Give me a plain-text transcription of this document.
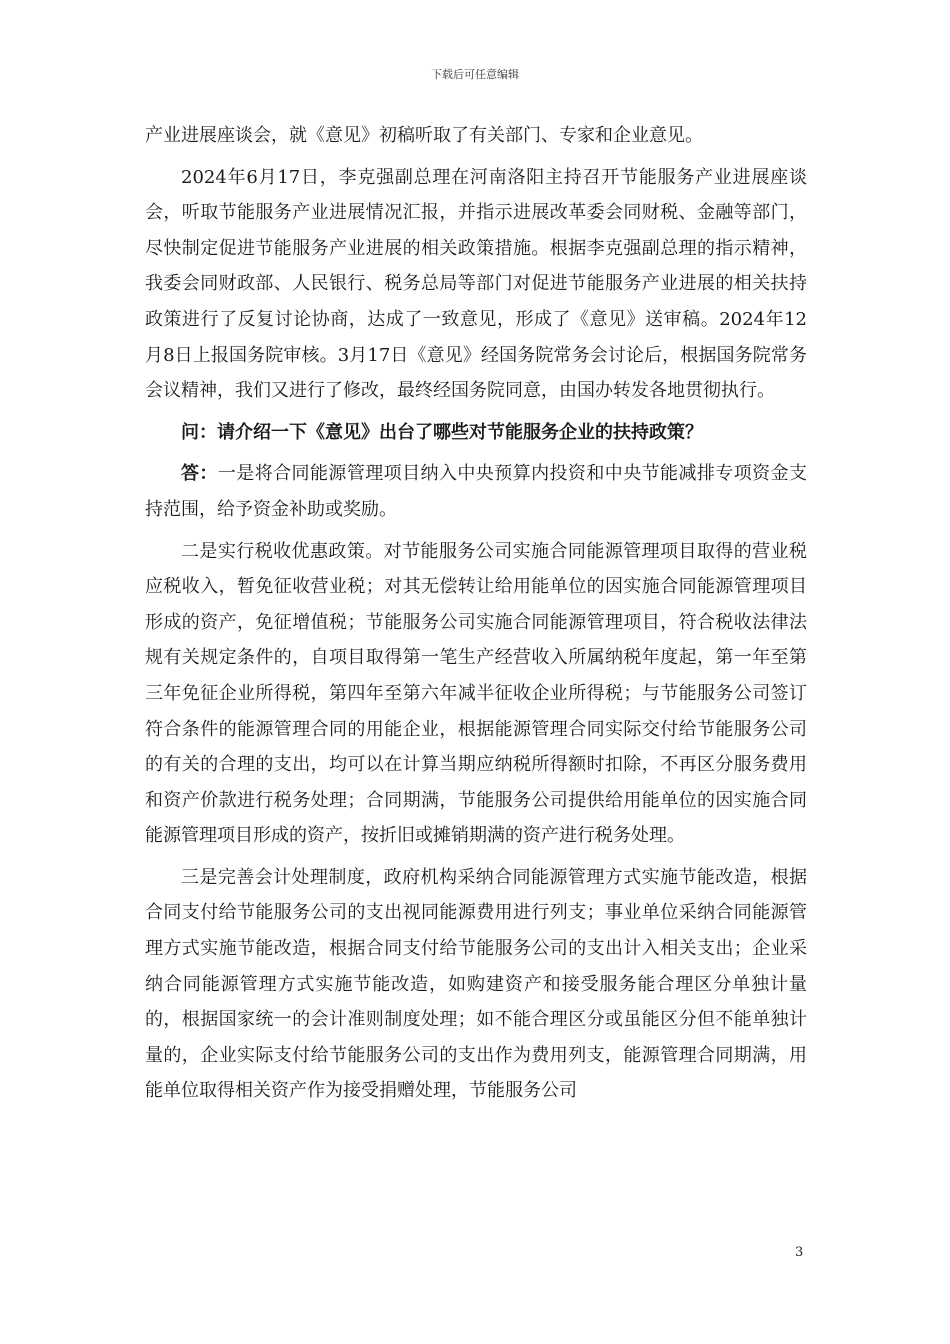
下载后可任意编辑

产业进展座谈会，就《意见》初稿听取了有关部门、专家和企业意见。

2024年6月17日，李克强副总理在河南洛阳主持召开节能服务产业进展座谈会，听取节能服务产业进展情况汇报，并指示进展改革委会同财税、金融等部门，尽快制定促进节能服务产业进展的相关政策措施。根据李克强副总理的指示精神，我委会同财政部、人民银行、税务总局等部门对促进节能服务产业进展的相关扶持政策进行了反复讨论协商，达成了一致意见，形成了《意见》送审稿。2024年12月8日上报国务院审核。3月17日《意见》经国务院常务会讨论后，根据国务院常务会议精神，我们又进行了修改，最终经国务院同意，由国办转发各地贯彻执行。

问：请介绍一下《意见》出台了哪些对节能服务企业的扶持政策？

答：一是将合同能源管理项目纳入中央预算内投资和中央节能减排专项资金支持范围，给予资金补助或奖励。

二是实行税收优惠政策。对节能服务公司实施合同能源管理项目取得的营业税应税收入，暂免征收营业税；对其无偿转让给用能单位的因实施合同能源管理项目形成的资产，免征增值税；节能服务公司实施合同能源管理项目，符合税收法律法规有关规定条件的，自项目取得第一笔生产经营收入所属纳税年度起，第一年至第三年免征企业所得税，第四年至第六年减半征收企业所得税；与节能服务公司签订符合条件的能源管理合同的用能企业，根据能源管理合同实际交付给节能服务公司的有关的合理的支出，均可以在计算当期应纳税所得额时扣除，不再区分服务费用和资产价款进行税务处理；合同期满，节能服务公司提供给用能单位的因实施合同能源管理项目形成的资产，按折旧或摊销期满的资产进行税务处理。

三是完善会计处理制度，政府机构采纳合同能源管理方式实施节能改造，根据合同支付给节能服务公司的支出视同能源费用进行列支；事业单位采纳合同能源管理方式实施节能改造，根据合同支付给节能服务公司的支出计入相关支出；企业采纳合同能源管理方式实施节能改造，如购建资产和接受服务能合理区分单独计量的，根据国家统一的会计准则制度处理；如不能合理区分或虽能区分但不能单独计量的，企业实际支付给节能服务公司的支出作为费用列支，能源管理合同期满，用能单位取得相关资产作为接受捐赠处理，节能服务公司

3
